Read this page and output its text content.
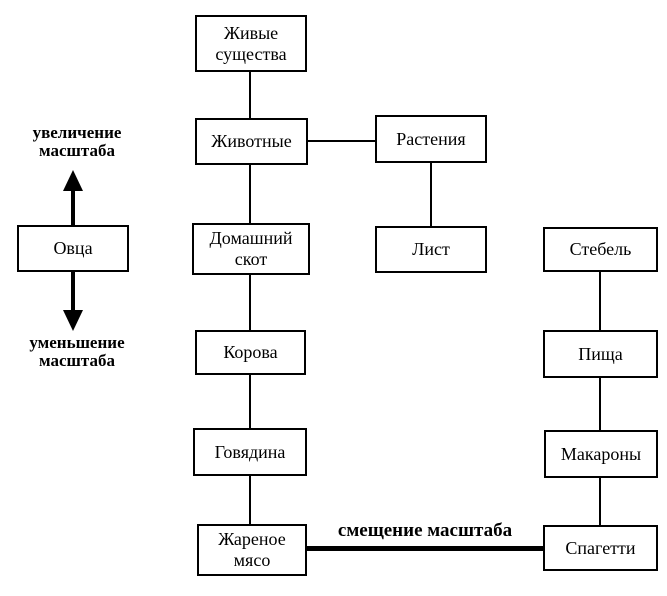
Живые существа
Животные
Домашний скот
Корова
Говядина
Жареное мясо
Растения
Лист	Стебель
Пища
Макароны
Спагетти
Овца
увеличение масштаба
уменьшение масштаба
смещение масштаба
